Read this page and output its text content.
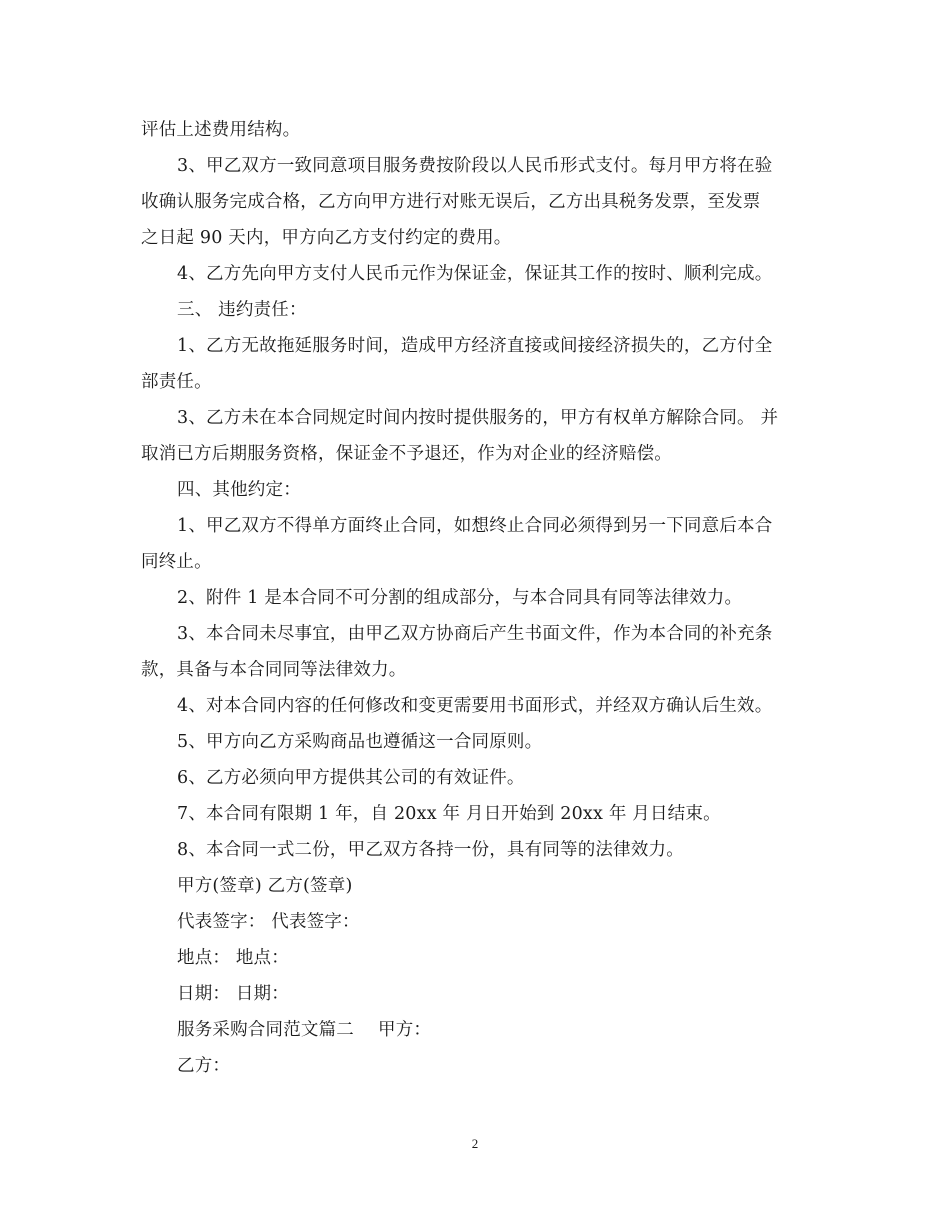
评估上述费用结构。
3、甲乙双方一致同意项目服务费按阶段以人民币形式支付。每月甲方将在验
收确认服务完成合格，乙方向甲方进行对账无误后，乙方出具税务发票，至发票
之日起 90 天内，甲方向乙方支付约定的费用。
4、乙方先向甲方支付人民币元作为保证金，保证其工作的按时、顺利完成。
三、 违约责任：
1、乙方无故拖延服务时间，造成甲方经济直接或间接经济损失的，乙方付全
部责任。
3、乙方未在本合同规定时间内按时提供服务的，甲方有权单方解除合同。 并
取消已方后期服务资格，保证金不予退还，作为对企业的经济赔偿。
四、其他约定：
1、甲乙双方不得单方面终止合同，如想终止合同必须得到另一下同意后本合
同终止。
2、附件 1 是本合同不可分割的组成部分，与本合同具有同等法律效力。
3、本合同未尽事宜，由甲乙双方协商后产生书面文件，作为本合同的补充条
款，具备与本合同同等法律效力。
4、对本合同内容的任何修改和变更需要用书面形式，并经双方确认后生效。
5、甲方向乙方采购商品也遵循这一合同原则。
6、乙方必须向甲方提供其公司的有效证件。
7、本合同有限期 1 年，自 20xx 年 月日开始到 20xx 年 月日结束。
8、本合同一式二份，甲乙双方各持一份，具有同等的法律效力。
甲方(签章) 乙方(签章)
代表签字： 代表签字：
地点： 地点：
日期： 日期：
服务采购合同范文篇二 甲方：
乙方：
2
